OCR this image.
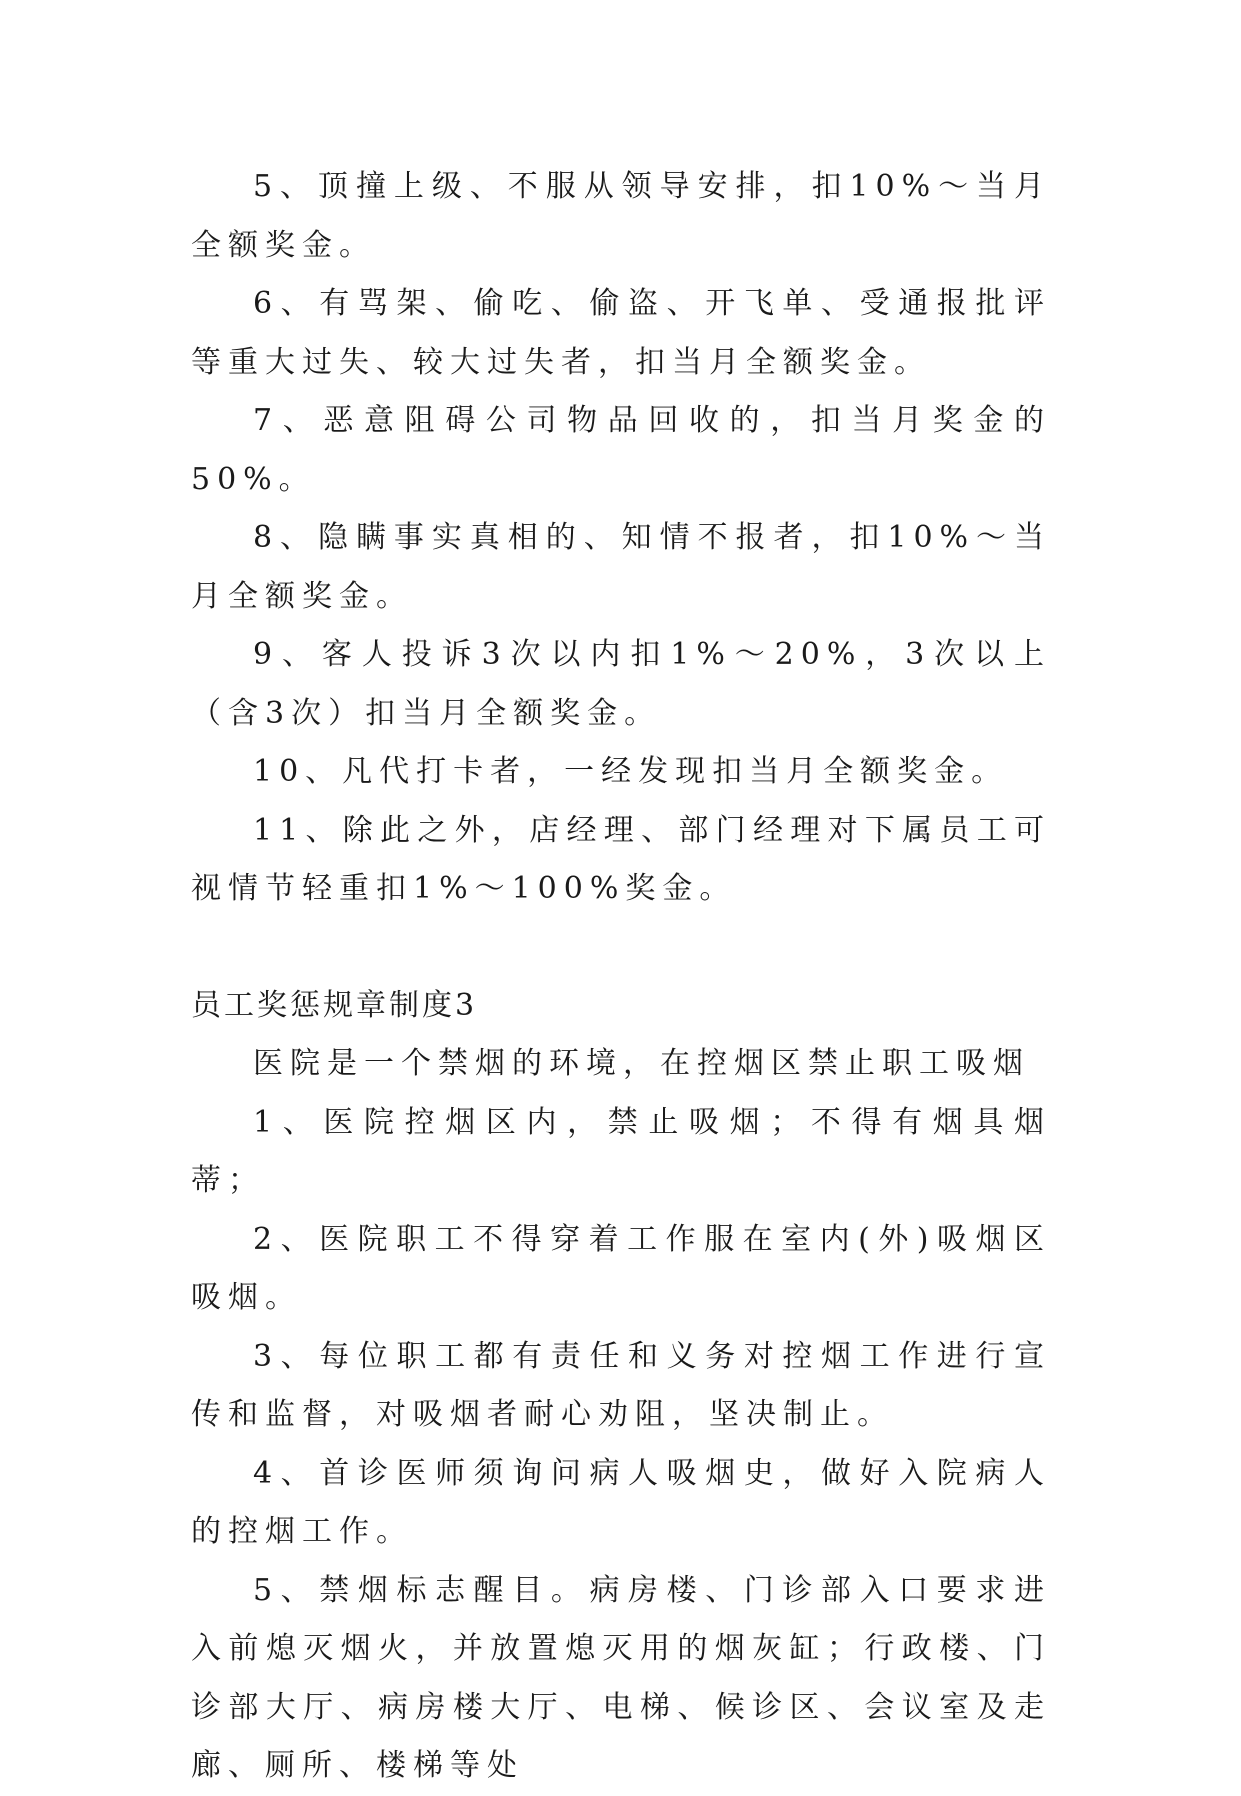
5、顶撞上级、不服从领导安排，扣10%～当月全额奖金。

6、有骂架、偷吃、偷盗、开飞单、受通报批评等重大过失、较大过失者，扣当月全额奖金。

7、恶意阻碍公司物品回收的，扣当月奖金的50%。

8、隐瞒事实真相的、知情不报者，扣10%～当月全额奖金。

9、客人投诉3次以内扣1%～20%，3次以上（含3次）扣当月全额奖金。

10、凡代打卡者，一经发现扣当月全额奖金。

11、除此之外，店经理、部门经理对下属员工可视情节轻重扣1%～100%奖金。

员工奖惩规章制度3

医院是一个禁烟的环境，在控烟区禁止职工吸烟

1、医院控烟区内，禁止吸烟；不得有烟具烟蒂；

2、医院职工不得穿着工作服在室内(外)吸烟区吸烟。

3、每位职工都有责任和义务对控烟工作进行宣传和监督，对吸烟者耐心劝阻，坚决制止。

4、首诊医师须询问病人吸烟史，做好入院病人的控烟工作。

5、禁烟标志醒目。病房楼、门诊部入口要求进入前熄灭烟火，并放置熄灭用的烟灰缸；行政楼、门诊部大厅、病房楼大厅、电梯、候诊区、会议室及走廊、厕所、楼梯等处
